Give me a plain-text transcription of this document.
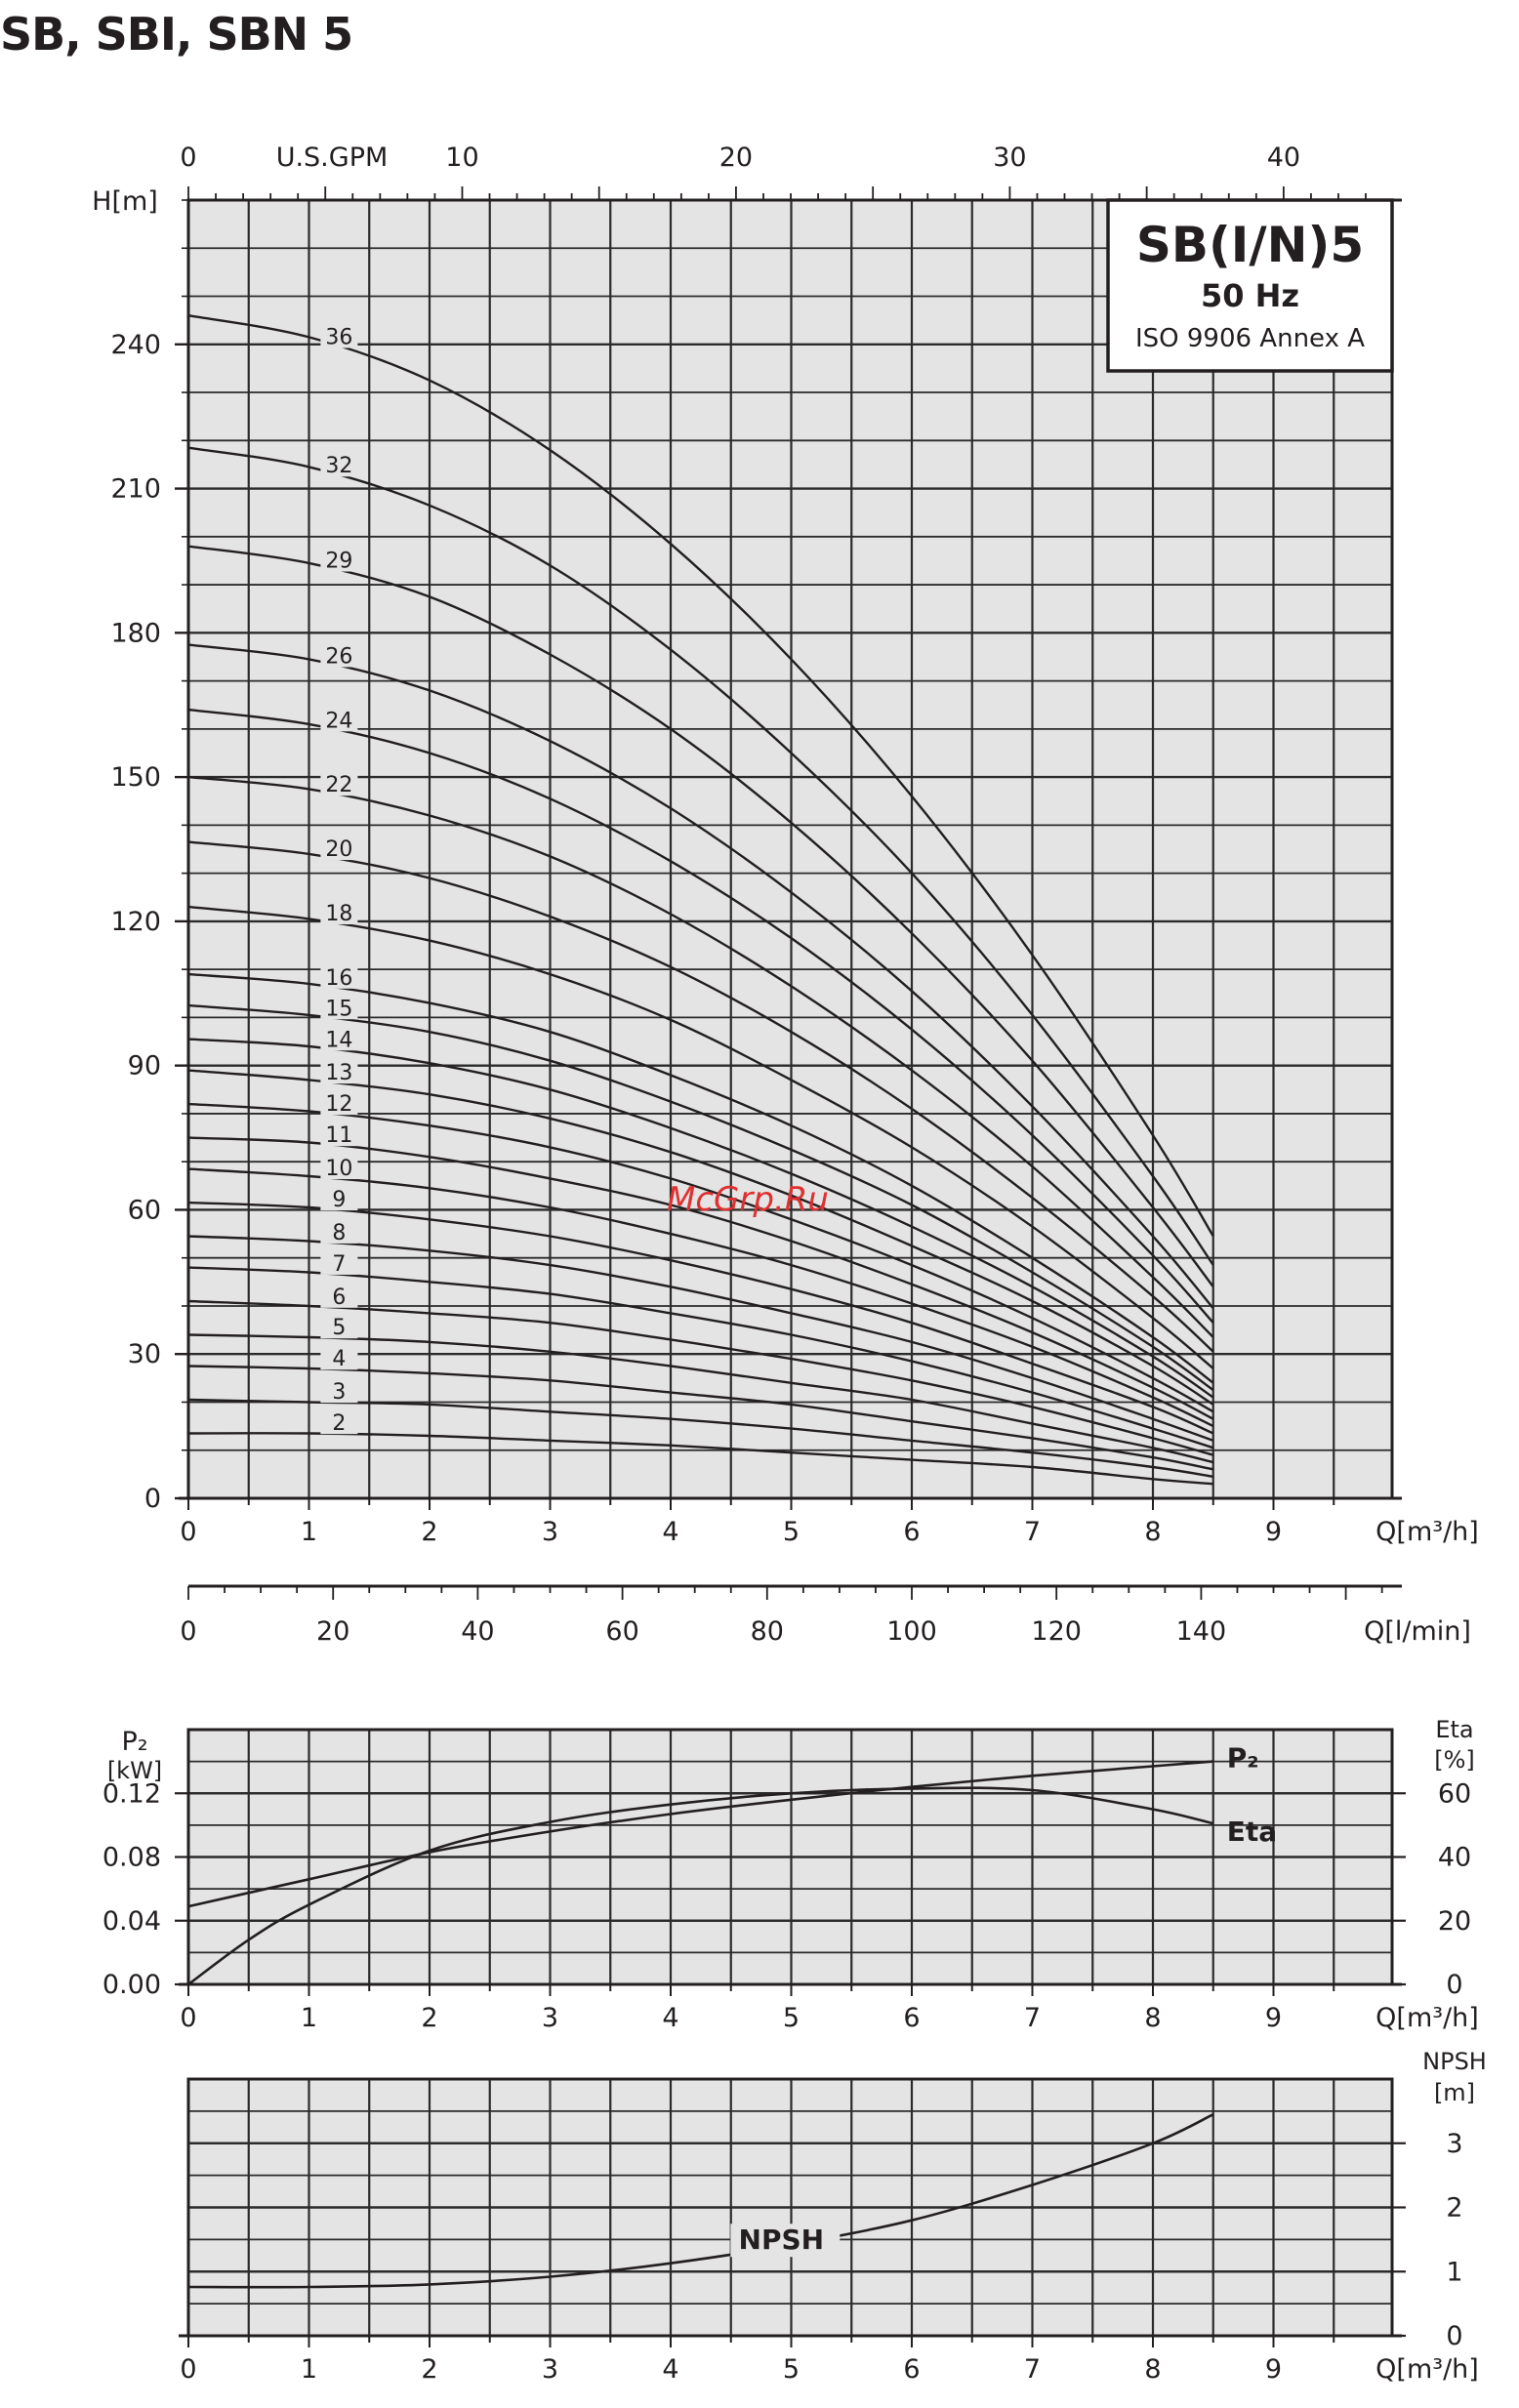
SB, SBI, SBN 5
0
30
60
90
120
150
180
210
240
H[m]
0	10	20	30	40
U.S.GPM
0	1	2	3	4	5	6	7	8	9	Q[m³/h]
36
32
29
26
24
22
20
18
16
15
14
13
12
11
10
9
8
7
6
5
4
3
2
SB(I/N)5
50 Hz
ISO 9906 Annex A
0	20	40	60	80	100	120	140	Q[l/min]
0.00
0.04
0.08
0.12
0
20
40
60
P₂
[kW]
Eta
[%]
0	1	2	3	4	5	6	7	8	9	Q[m³/h]
P₂
Eta
0
1
2
3
NPSH
[m]
0	1	2	3	4	5	6	7	8	9	Q[m³/h]
NPSH
McGrp.Ru
